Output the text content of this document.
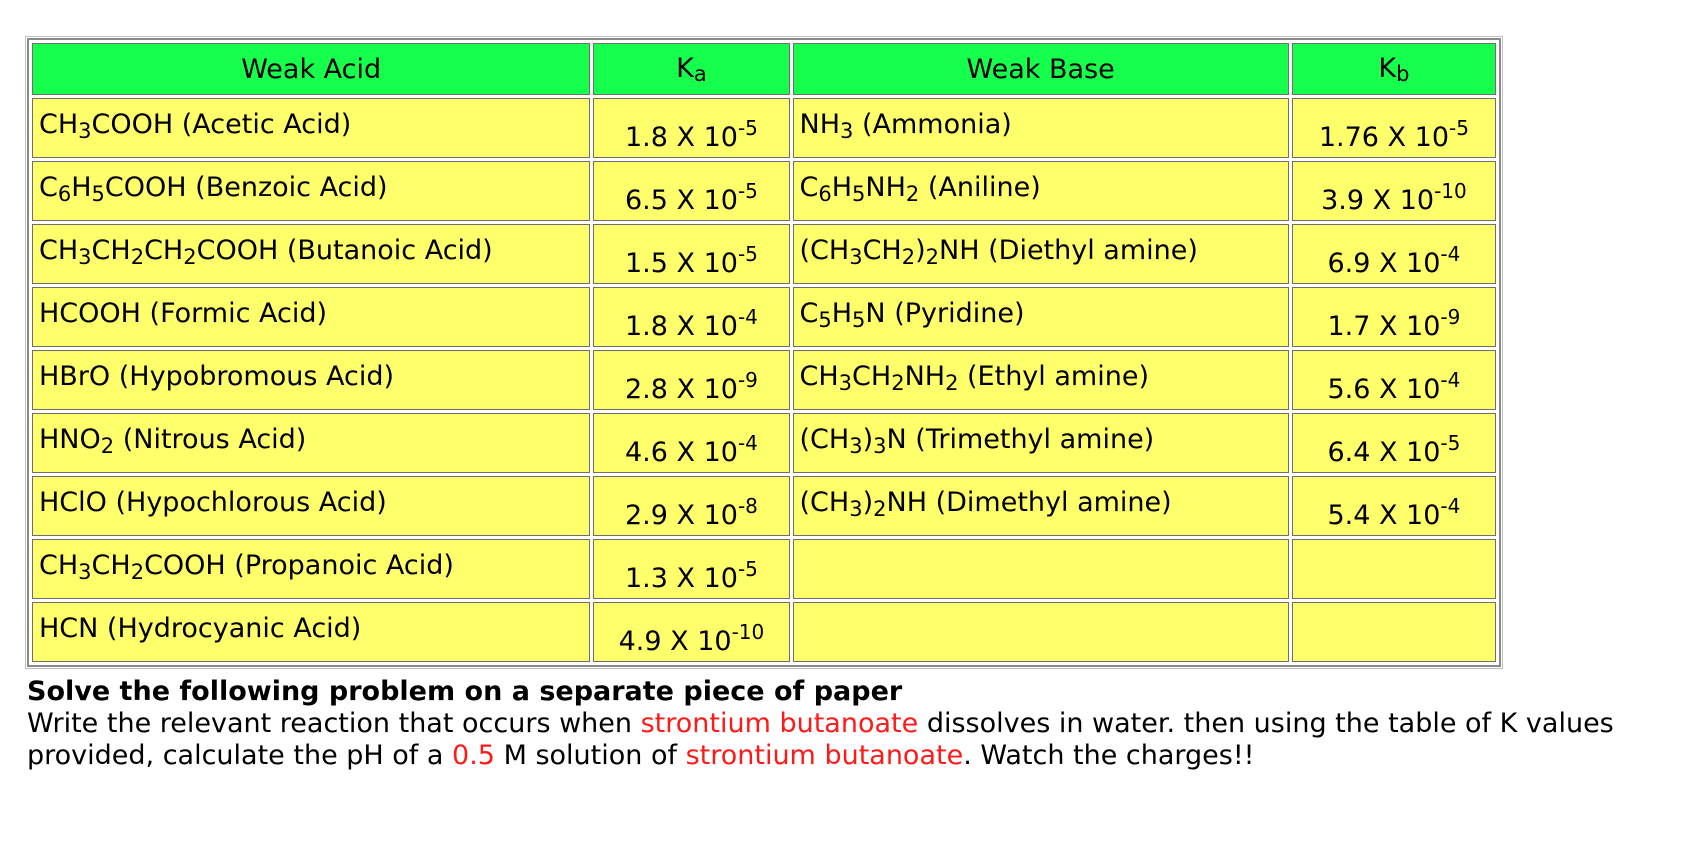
Weak Acid	Ka	Weak Base	Kb
$CH_3COOH$ (Acetic Acid)	1.8 X $10^{-5}$	$NH_3$ (Ammonia)	1.76 X $10^{-5}$
$C_6H_5COOH$ (Benzoic Acid)	6.5 X $10^{-5}$	$C_6H_5NH_2$ (Aniline)	3.9 X $10^{-10}$
$CH_3CH_2CH_2COOH$ (Butanoic Acid)	1.5 X $10^{-5}$	$(CH_3CH_2)_2NH$ (Diethyl amine)	6.9 X $10^{-4}$
HCOOH (Formic Acid)	1.8 X $10^{-4}$	$C_5H_5N$ (Pyridine)	1.7 X $10^{-9}$
HBrO (Hypobromous Acid)	2.8 X $10^{-9}$	$CH_3CH_2NH_2$ (Ethyl amine)	5.6 X $10^{-4}$
$HNO_2$ (Nitrous Acid)	4.6 X $10^{-4}$	$(CH_3)_3N$ (Trimethyl amine)	6.4 X $10^{-5}$
HClO (Hypochlorous Acid)	2.9 X $10^{-8}$	$(CH_3)_2NH$ (Dimethyl amine)	5.4 X $10^{-4}$
$CH_3CH_2COOH$ (Propanoic Acid)	1.3 X $10^{-5}$		
HCN (Hydrocyanic Acid)	4.9 X $10^{-10}$		
Solve the following problem on a separate piece of paper
Write the relevant reaction that occurs when strontium butanoate dissolves in water. then using the table of K values provided, calculate the pH of a 0.5 M solution of strontium butanoate. Watch the charges!!
